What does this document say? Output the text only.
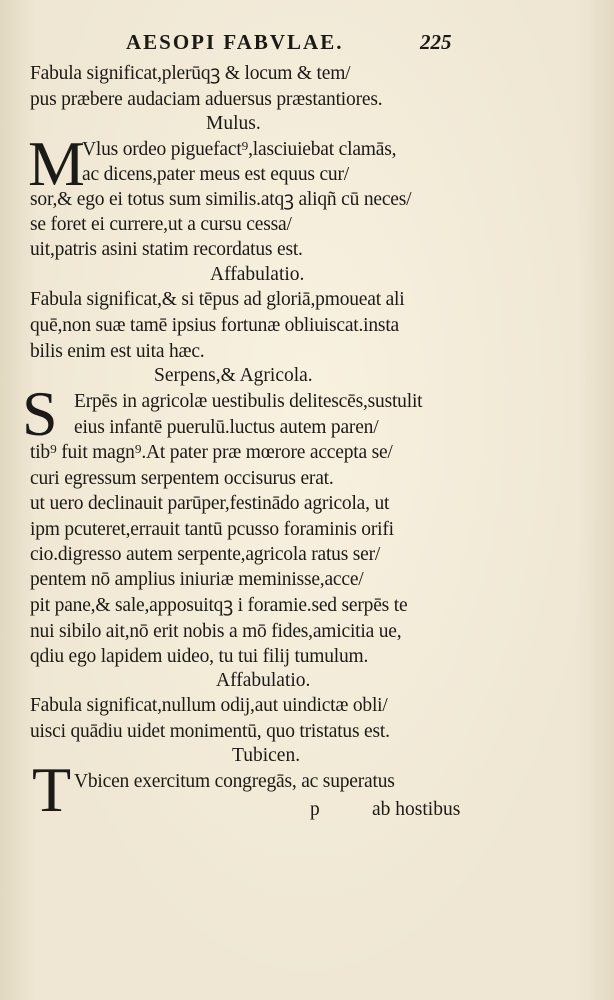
AESOPI FABVLAE.	225
Fabula significat,plerūqꝫ & locum & tem/
pus præbere audaciam aduersus præstantiores.
Mulus.
M
Vlus ordeo piguefact⁹,lasciuiebat clamās,
ac dicens,pater meus est equus cur/
sor,& ego ei totus sum similis.atqꝫ aliqñ cū neces/
se foret ei currere,ut a cursu cessa/
uit,patris asini statim recordatus est.
Affabulatio.
Fabula significat,& si tēpus ad gloriā,pmoueat ali
quē,non suæ tamē ipsius fortunæ obliuiscat.insta
bilis enim est uita hæc.
Serpens,& Agricola.
S Erpēs in agricolæ uestibulis delitescēs,sustulit
eius infantē puerulū.luctus autem paren/
tib⁹ fuit magn⁹.At pater præ mœrore accepta se/
curi egressum serpentem occisurus erat.
ut uero declinauit parūper,festinādo agricola, ut
ipm pcuteret,errauit tantū pcusso foraminis orifi
cio.digresso autem serpente,agricola ratus ser/
pentem nō amplius iniuriæ meminisse,acce/
pit pane,& sale,apposuitqꝫ i foramie.sed serpēs te
nui sibilo ait,nō erit nobis a mō fides,amicitia ue,
qdiu ego lapidem uideo, tu tui filij tumulum.
Affabulatio.
Fabula significat,nullum odij,aut uindictæ obli/
uisci quādiu uidet monimentū, quo tristatus est.
Tubicen.
T Vbicen exercitum congregās, ac superatus
p	ab hostibus
